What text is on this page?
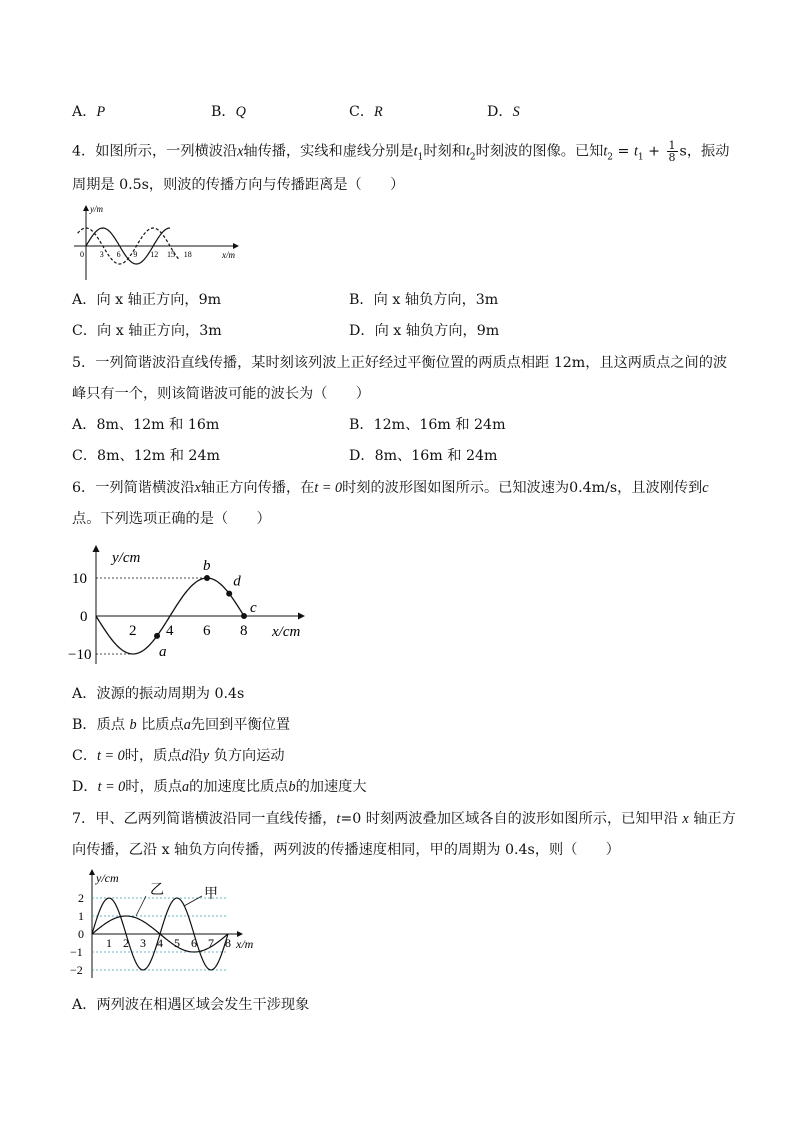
A．P	B．Q	C．R	D．S
4．如图所示，一列横波沿x轴传播，实线和虚线分别是$t_1$时刻和$t_2$时刻波的图像。已知$t_2 = t_1 + \frac{1}{8}$ s，振动
周期是 0.5s，则波的传播方向与传播距离是（　　）
y/m
x/m
0 3 6 9 12 15 18
A．向 x 轴正方向，9m	B．向 x 轴负方向，3m
C．向 x 轴正方向，3m	D．向 x 轴负方向，9m
5．一列简谐波沿直线传播，某时刻该列波上正好经过平衡位置的两质点相距 12m，且这两质点之间的波
峰只有一个，则该简谐波可能的波长为（　　）
A．8m、12m 和 16m	B．12m、16m 和 24m
C．8m、12m 和 24m	D．8m、16m 和 24m
6．一列简谐横波沿x轴正方向传播，在t = 0时刻的波形图如图所示。已知波速为0.4m/s，且波刚传到c
点。下列选项正确的是（　　）
y/cm
x/cm
10
0
−10
2 4 6 8
a
b
c
d
A．波源的振动周期为 0.4s
B．质点 b 比质点a先回到平衡位置
C．t = 0时，质点d沿y 负方向运动
D．t = 0时，质点a的加速度比质点b的加速度大
7．甲、乙两列简谐横波沿同一直线传播，t=0 时刻两波叠加区域各自的波形如图所示，已知甲沿 x 轴正方
向传播，乙沿 x 轴负方向传播，两列波的传播速度相同，甲的周期为 0.4s，则（　　）
y/cm
x/m
2
1
0
−1
−2
1 2 3 4 5 6 7 8
乙	甲
A．两列波在相遇区域会发生干涉现象
